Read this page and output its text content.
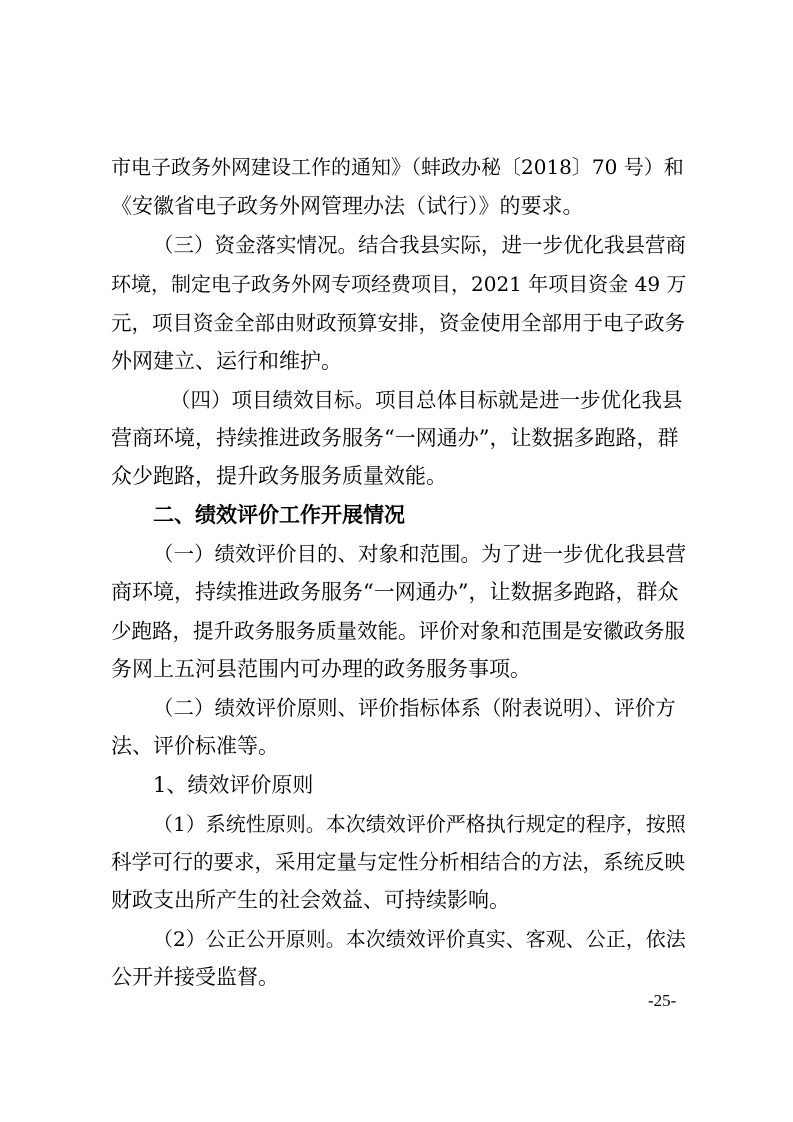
市电子政务外网建设工作的通知》（蚌政办秘〔2018〕70 号）和

《安徽省电子政务外网管理办法（试行）》的要求。

（三）资金落实情况。结合我县实际，进一步优化我县营商

环境，制定电子政务外网专项经费项目，2021 年项目资金 49 万

元，项目资金全部由财政预算安排，资金使用全部用于电子政务

外网建立、运行和维护。

（四）项目绩效目标。项目总体目标就是进一步优化我县

营商环境，持续推进政务服务“一网通办”，让数据多跑路，群

众少跑路，提升政务服务质量效能。

二、绩效评价工作开展情况

（一）绩效评价目的、对象和范围。为了进一步优化我县营

商环境，持续推进政务服务“一网通办”，让数据多跑路，群众

少跑路，提升政务服务质量效能。评价对象和范围是安徽政务服

务网上五河县范围内可办理的政务服务事项。

（二）绩效评价原则、评价指标体系（附表说明）、评价方

法、评价标准等。

1、绩效评价原则

（1）系统性原则。本次绩效评价严格执行规定的程序，按照

科学可行的要求，采用定量与定性分析相结合的方法，系统反映

财政支出所产生的社会效益、可持续影响。

（2）公正公开原则。本次绩效评价真实、客观、公正，依法

公开并接受监督。

-25-
